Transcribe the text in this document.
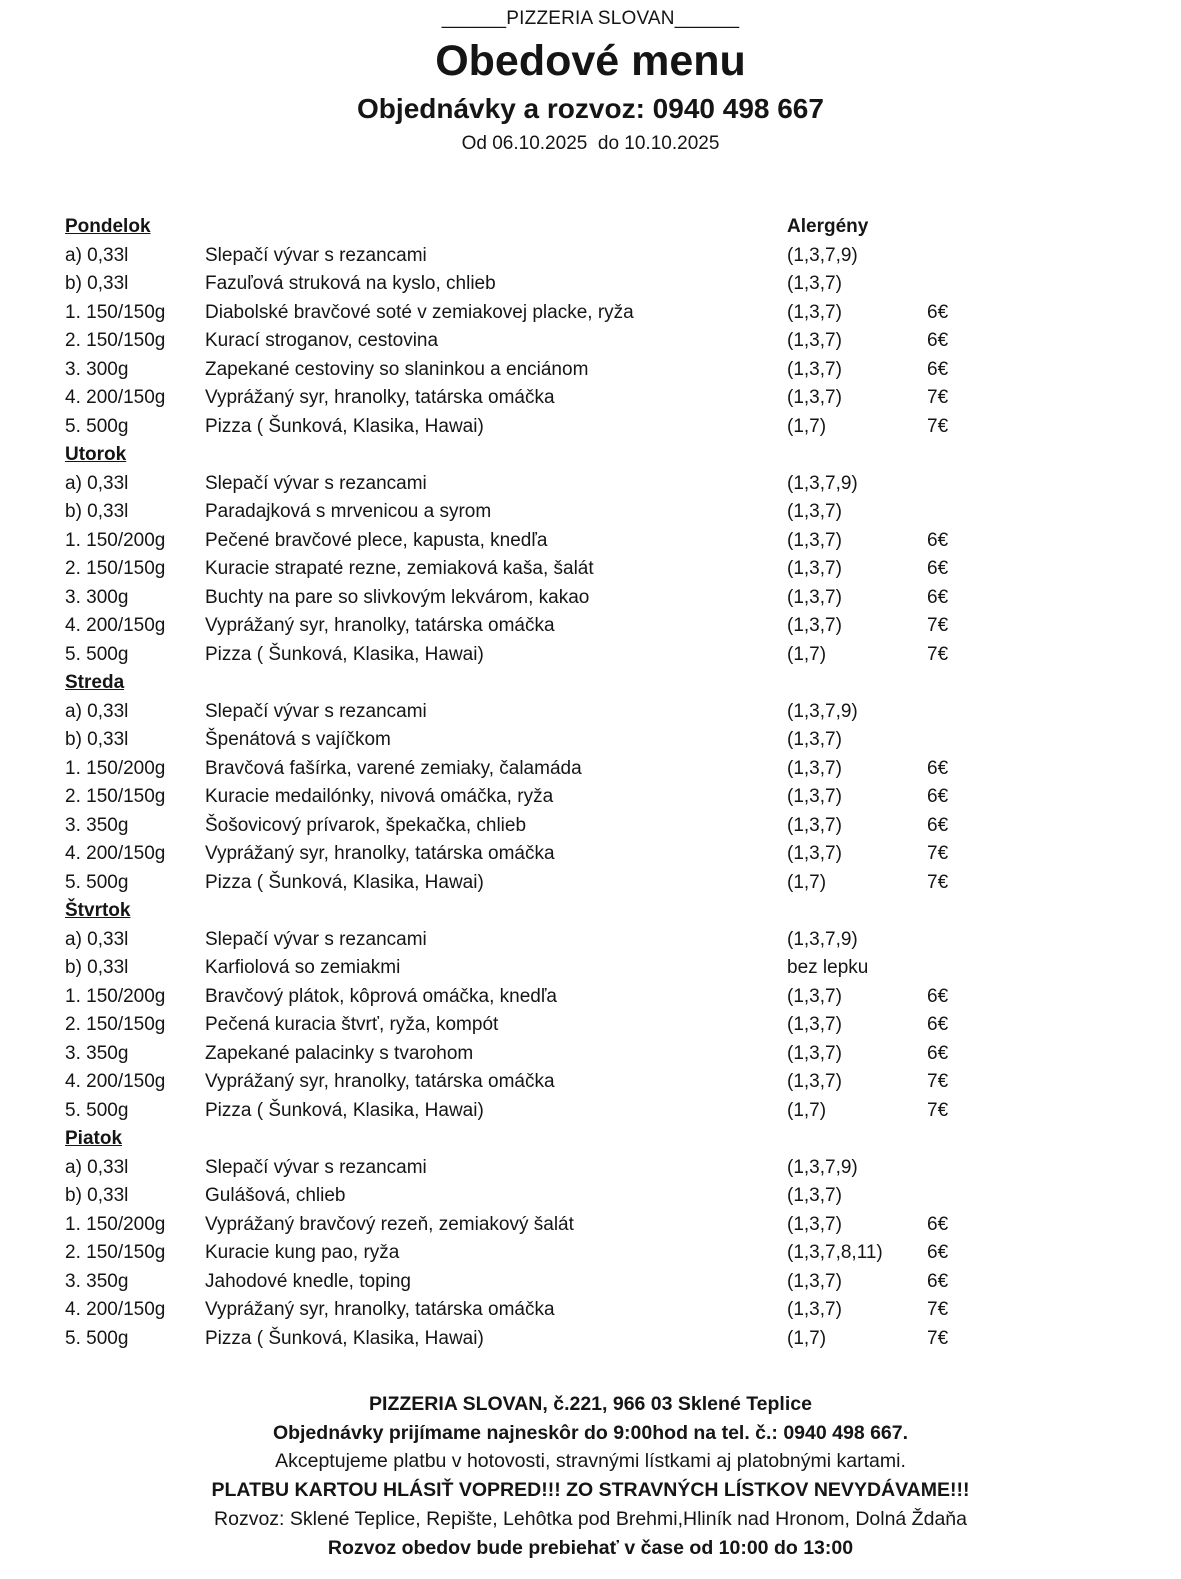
______PIZZERIA SLOVAN______
Obedové menu
Objednávky a rozvoz: 0940 498 667
Od 06.10.2025  do 10.10.2025
Pondelok	Alergény
a) 0,33l	Slepačí vývar s rezancami	(1,3,7,9)
b) 0,33l	Fazuľová struková na kyslo, chlieb	(1,3,7)
1. 150/150g	Diabolské bravčové soté v zemiakovej placke, ryža	(1,3,7)	6€
2. 150/150g	Kurací stroganov, cestovina	(1,3,7)	6€
3. 300g	Zapekané cestoviny so slaninkou a enciánom	(1,3,7)	6€
4. 200/150g	Vyprážaný syr, hranolky, tatárska omáčka	(1,3,7)	7€
5. 500g	Pizza ( Šunková, Klasika, Hawai)	(1,7)	7€
Utorok
a) 0,33l	Slepačí vývar s rezancami	(1,3,7,9)
b) 0,33l	Paradajková s mrvenicou a syrom	(1,3,7)
1. 150/200g	Pečené bravčové plece, kapusta, knedľa	(1,3,7)	6€
2. 150/150g	Kuracie strapaté rezne, zemiaková kaša, šalát	(1,3,7)	6€
3. 300g	Buchty na pare so slivkovým lekvárom, kakao	(1,3,7)	6€
4. 200/150g	Vyprážaný syr, hranolky, tatárska omáčka	(1,3,7)	7€
5. 500g	Pizza ( Šunková, Klasika, Hawai)	(1,7)	7€
Streda
a) 0,33l	Slepačí vývar s rezancami	(1,3,7,9)
b) 0,33l	Špenátová s vajíčkom	(1,3,7)
1. 150/200g	Bravčová fašírka, varené zemiaky, čalamáda	(1,3,7)	6€
2. 150/150g	Kuracie medailónky, nivová omáčka, ryža	(1,3,7)	6€
3. 350g	Šošovicový prívarok, špekačka, chlieb	(1,3,7)	6€
4. 200/150g	Vyprážaný syr, hranolky, tatárska omáčka	(1,3,7)	7€
5. 500g	Pizza ( Šunková, Klasika, Hawai)	(1,7)	7€
Štvrtok
a) 0,33l	Slepačí vývar s rezancami	(1,3,7,9)
b) 0,33l	Karfiolová so zemiakmi	bez lepku
1. 150/200g	Bravčový plátok, kôprová omáčka, knedľa	(1,3,7)	6€
2. 150/150g	Pečená kuracia štvrť, ryža, kompót	(1,3,7)	6€
3. 350g	Zapekané palacinky s tvarohom	(1,3,7)	6€
4. 200/150g	Vyprážaný syr, hranolky, tatárska omáčka	(1,3,7)	7€
5. 500g	Pizza ( Šunková, Klasika, Hawai)	(1,7)	7€
Piatok
a) 0,33l	Slepačí vývar s rezancami	(1,3,7,9)
b) 0,33l	Gulášová, chlieb	(1,3,7)
1. 150/200g	Vyprážaný bravčový rezeň, zemiakový šalát	(1,3,7)	6€
2. 150/150g	Kuracie kung pao, ryža	(1,3,7,8,11)	6€
3. 350g	Jahodové knedle, toping	(1,3,7)	6€
4. 200/150g	Vyprážaný syr, hranolky, tatárska omáčka	(1,3,7)	7€
5. 500g	Pizza ( Šunková, Klasika, Hawai)	(1,7)	7€
PIZZERIA SLOVAN, č.221, 966 03 Sklené Teplice
Objednávky prijímame najneskôr do 9:00hod na tel. č.: 0940 498 667.
Akceptujeme platbu v hotovosti, stravnými lístkami aj platobnými kartami.
PLATBU KARTOU HLÁSIŤ VOPRED!!! ZO STRAVNÝCH LÍSTKOV NEVYDÁVAME!!!
Rozvoz: Sklené Teplice, Repište, Lehôtka pod Brehmi,Hliník nad Hronom, Dolná Ždaňa
Rozvoz obedov bude prebiehať v čase od 10:00 do 13:00
